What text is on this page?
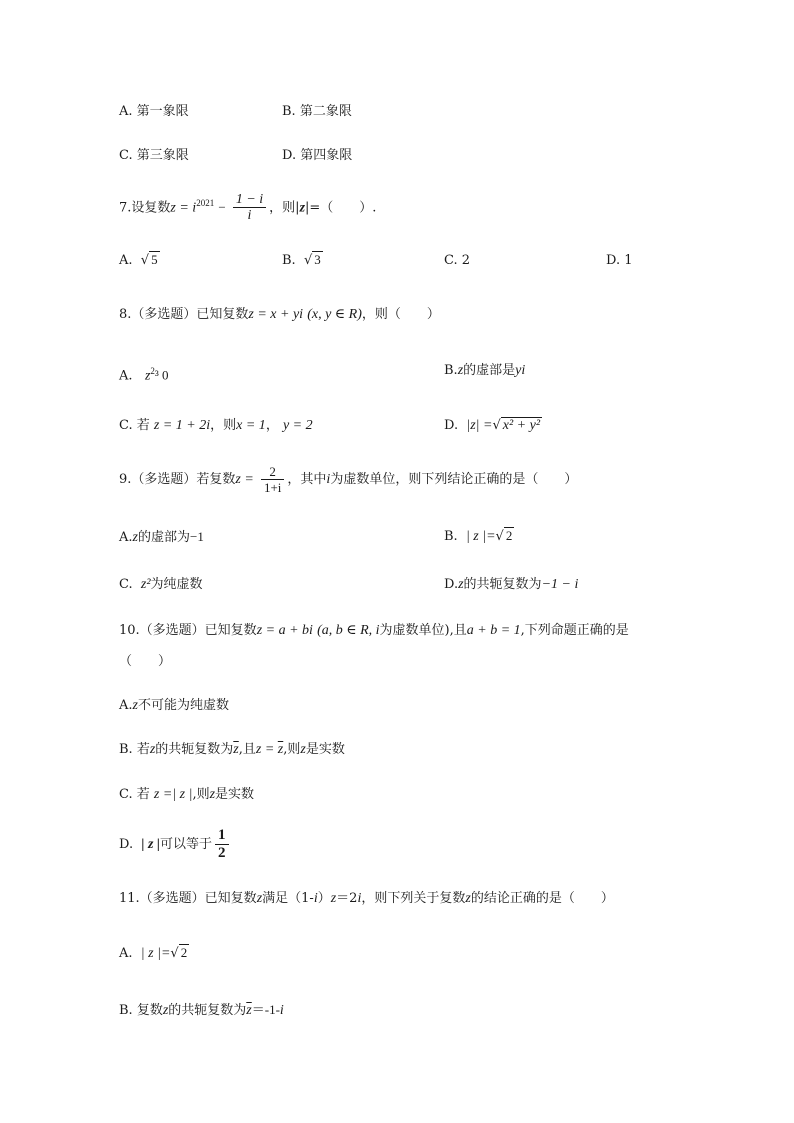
A. 第一象限	B. 第二象限
C. 第三象限	D. 第四象限
7.设复数$z = i^{2021} - \frac{1 - i}{i}$ ，则|z|=（　　）.
A.  √ 5	B.  √ 3	C. 2	D. 1
8.（多选题）已知复数z = x + yi (x, y ∈ R)，则（　　）
A. $z^2^3$ 0	B.z的虚部是yi
C. 若 z = 1 + 2i，则x = 1， y = 2	D. |z| =√ x² + y²
9.（多选题）若复数$z = \frac{2}{1+i}$ ，其中i为虚数单位，则下列结论正确的是（　　）
A.z的虚部为−1	B. | z |=√ 2
C. z²为纯虚数	D.z的共轭复数为−1 − i
10.（多选题）已知复数z = a + bi (a, b ∈ R, i为虚数单位),且a + b = 1,下列命题正确的是
（　　）
A.z不可能为纯虚数
B. 若z的共轭复数为$\overline{z}$,且$z = \overline{z}$,则z是实数
C. 若 z =| z |,则z是实数
D. | z |可以等于 $\frac{1}{2}$
11.（多选题）已知复数z满足（1-i）z＝2i，则下列关于复数z的结论正确的是（　　）
A. | z |=√ 2
B. 复数z的共轭复数为$\overline{z}=-1-i$
